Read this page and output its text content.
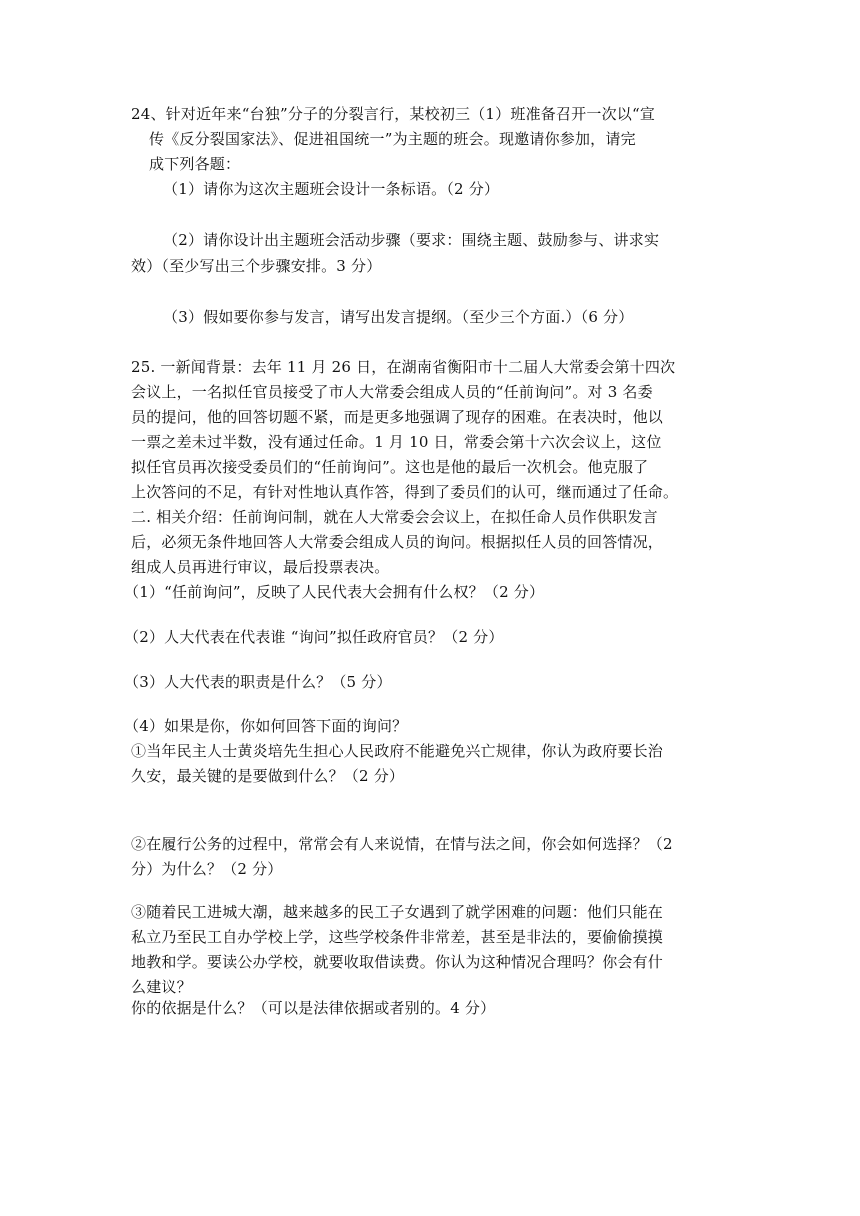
24、针对近年来“台独”分子的分裂言行，某校初三（1）班准备召开一次以“宣
传《反分裂国家法》、促进祖国统一”为主题的班会。现邀请你参加，请完
成下列各题：
（1）请你为这次主题班会设计一条标语。（2 分）
（2）请你设计出主题班会活动步骤（要求：围绕主题、鼓励参与、讲求实
效）（至少写出三个步骤安排。3 分）
（3）假如要你参与发言，请写出发言提纲。（至少三个方面.）（6 分）
25. 一新闻背景：去年 11 月 26 日，在湖南省衡阳市十二届人大常委会第十四次
会议上，一名拟任官员接受了市人大常委会组成人员的“任前询问”。对 3 名委
员的提问，他的回答切题不紧，而是更多地强调了现存的困难。在表决时，他以
一票之差未过半数，没有通过任命。1 月 10 日，常委会第十六次会议上，这位
拟任官员再次接受委员们的“任前询问”。这也是他的最后一次机会。他克服了
上次答问的不足，有针对性地认真作答，得到了委员们的认可，继而通过了任命。
二. 相关介绍：任前询问制，就在人大常委会会议上，在拟任命人员作供职发言
后，必须无条件地回答人大常委会组成人员的询问。根据拟任人员的回答情况，
组成人员再进行审议，最后投票表决。
（1）“任前询问”，反映了人民代表大会拥有什么权？（2 分）
（2）人大代表在代表谁 “询问”拟任政府官员？（2 分）
（3）人大代表的职责是什么？（5 分）
（4）如果是你，你如何回答下面的询问？
①当年民主人士黄炎培先生担心人民政府不能避免兴亡规律，你认为政府要长治
久安，最关键的是要做到什么？（2 分）
②在履行公务的过程中，常常会有人来说情，在情与法之间，你会如何选择？（2
分）为什么？（2 分）
③随着民工进城大潮，越来越多的民工子女遇到了就学困难的问题：他们只能在
私立乃至民工自办学校上学，这些学校条件非常差，甚至是非法的，要偷偷摸摸
地教和学。要读公办学校，就要收取借读费。你认为这种情况合理吗？你会有什
么建议？
你的依据是什么？（可以是法律依据或者别的。4 分）
